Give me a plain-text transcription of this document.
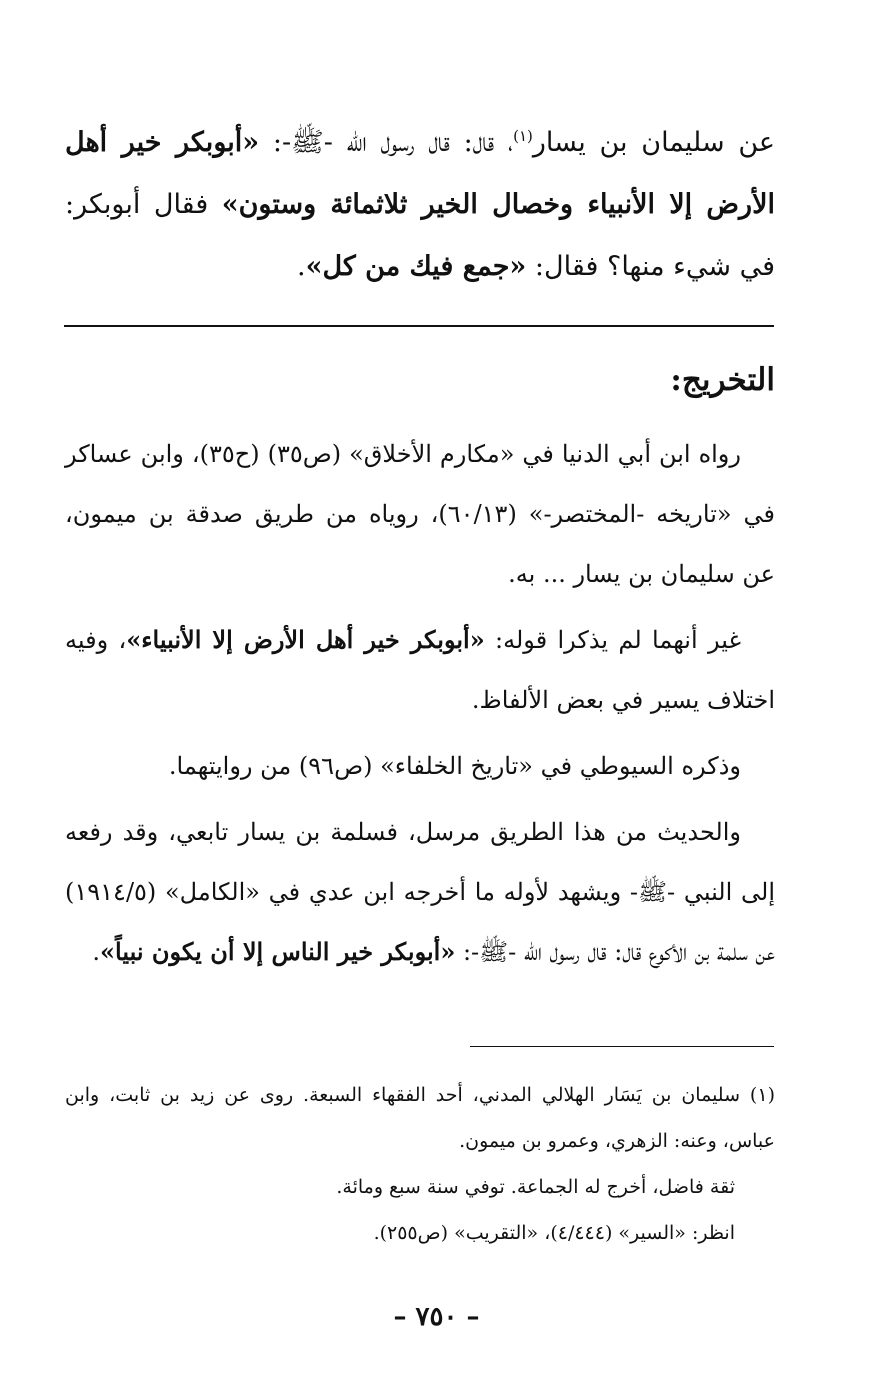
عن سليمان بن يسار$^{(١)}$، قال: قال رسول اللّه -ﷺ-: «أبوبكر خير أهل الأرض إلا الأنبياء وخصال الخير ثلاثمائة وستون» فقال أبوبكر: في شيء منها؟ فقال: «جمع فيك من كل».
التخريج:

رواه ابن أبي الدنيا في «مكارم الأخلاق» (ص٣٥) (ح٣٥)، وابن عساكر في «تاريخه -المختصر-» (٦٠/١٣)، روياه من طريق صدقة بن ميمون، عن سليمان بن يسار ... به.

غير أنهما لم يذكرا قوله: «أبوبكر خير أهل الأرض إلا الأنبياء»، وفيه اختلاف يسير في بعض الألفاظ.

وذكره السيوطي في «تاريخ الخلفاء» (ص٩٦) من روايتهما.

والحديث من هذا الطريق مرسل، فسلمة بن يسار تابعي، وقد رفعه إلى النبي -ﷺ- ويشهد لأوله ما أخرجه ابن عدي في «الكامل» (١٩١٤/٥) عن سلمة بن الأكوع قال: قال رسول اللّه -ﷺ-: «أبوبكر خير الناس إلا أن يكون نبياً».

(١) سليمان بن يَسَار الهلالي المدني، أحد الفقهاء السبعة. روى عن زيد بن ثابت، وابن عباس، وعنه: الزهري، وعمرو بن ميمون.

ثقة فاضل، أخرج له الجماعة. توفي سنة سبع ومائة.

انظر: «السير» (٤/٤٤٤)، «التقريب» (ص٢٥٥).

– ٧٥٠ –
